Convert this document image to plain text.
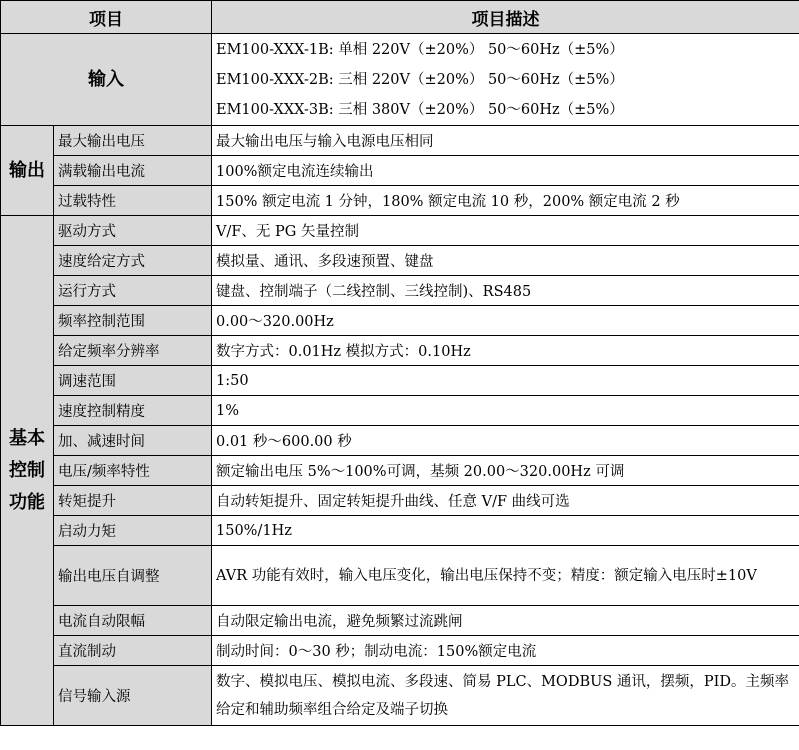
项目		项目描述
输入		EM100-XXX-1B: 单相 220V（±20%） 50～60Hz（±5%）
EM100-XXX-2B: 三相 220V（±20%） 50～60Hz（±5%）
EM100-XXX-3B: 三相 380V（±20%） 50～60Hz（±5%）

输出	最大输出电压	最大输出电压与输入电源电压相同
	满载输出电流	100%额定电流连续输出
	过载特性	150% 额定电流 1 分钟，180% 额定电流 10 秒，200% 额定电流 2 秒
基本控制功能	驱动方式	V/F、无 PG 矢量控制
	速度给定方式	模拟量、通讯、多段速预置、键盘
	运行方式	键盘、控制端子（二线控制、三线控制)、RS485
	频率控制范围	0.00～320.00Hz
	给定频率分辨率	数字方式：0.01Hz 模拟方式：0.10Hz
	调速范围	1:50
	速度控制精度	1%
	加、减速时间	0.01 秒～600.00 秒
	电压/频率特性	额定输出电压 5%～100%可调，基频 20.00～320.00Hz 可调
	转矩提升	自动转矩提升、固定转矩提升曲线、任意 V/F 曲线可选
	启动力矩	150%/1Hz
	输出电压自调整	AVR 功能有效时，输入电压变化，输出电压保持不变；精度：额定输入电压时±10V
	电流自动限幅	自动限定输出电流，避免频繁过流跳闸
	直流制动	制动时间：0～30 秒；制动电流：150%额定电流
	信号输入源	数字、模拟电压、模拟电流、多段速、简易 PLC、MODBUS 通讯，摆频，PID。主频率给定和辅助频率组合给定及端子切换
